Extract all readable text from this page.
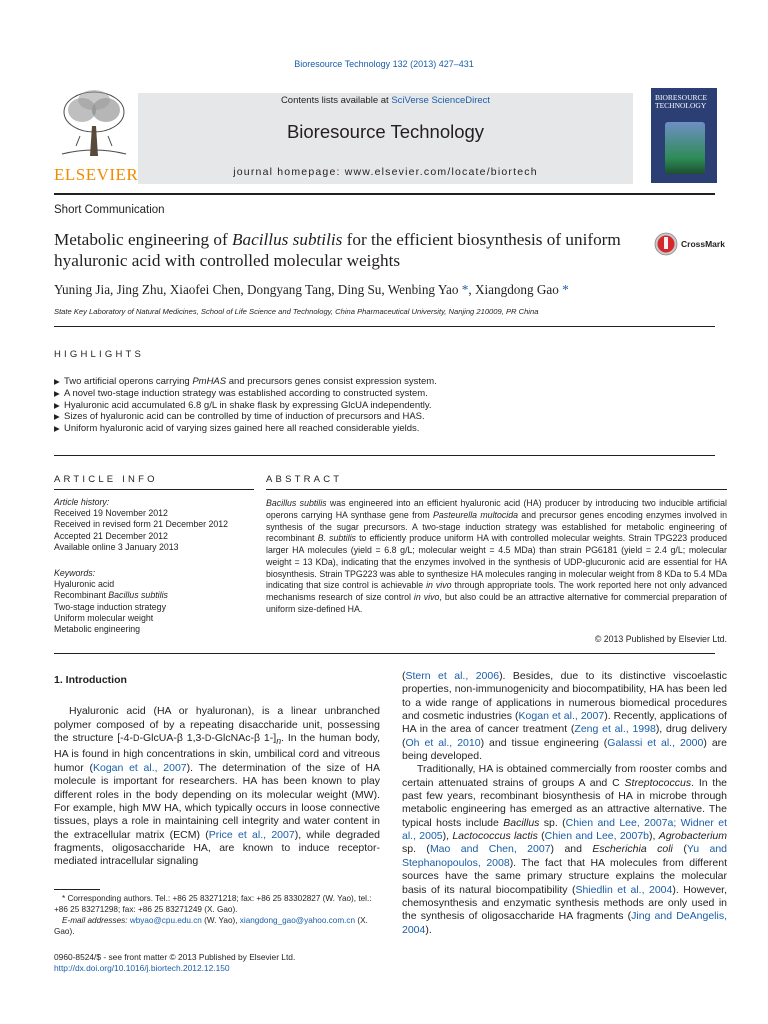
Bioresource Technology 132 (2013) 427–431
ELSEVIER
Contents lists available at SciVerse ScienceDirect
Bioresource Technology
journal homepage: www.elsevier.com/locate/biortech
BIORESOURCE TECHNOLOGY
Short Communication
Metabolic engineering of Bacillus subtilis for the efficient biosynthesis of uniform hyaluronic acid with controlled molecular weights
CrossMark
Yuning Jia, Jing Zhu, Xiaofei Chen, Dongyang Tang, Ding Su, Wenbing Yao *, Xiangdong Gao *
State Key Laboratory of Natural Medicines, School of Life Science and Technology, China Pharmaceutical University, Nanjing 210009, PR China
HIGHLIGHTS
▶ Two artificial operons carrying PmHAS and precursors genes consist expression system.
▶ A novel two-stage induction strategy was established according to constructed system.
▶ Hyaluronic acid accumulated 6.8 g/L in shake flask by expressing GlcUA independently.
▶ Sizes of hyaluronic acid can be controlled by time of induction of precursors and HAS.
▶ Uniform hyaluronic acid of varying sizes gained here all reached considerable yields.
ARTICLE INFO	ABSTRACT
Article history:
Received 19 November 2012
Received in revised form 21 December 2012
Accepted 21 December 2012
Available online 3 January 2013
Keywords:
Hyaluronic acid
Recombinant Bacillus subtilis
Two-stage induction strategy
Uniform molecular weight
Metabolic engineering
Bacillus subtilis was engineered into an efficient hyaluronic acid (HA) producer by introducing two inducible artificial operons carrying HA synthase gene from Pasteurella multocida and precursor genes encoding enzymes involved in synthesis of the sugar precursors. A two-stage induction strategy was established for metabolic engineering of recombinant B. subtilis to efficiently produce uniform HA with controlled molecular weights. Strain TPG223 produced larger HA molecules (yield = 6.8 g/L; molecular weight = 4.5 MDa) than strain PG6181 (yield = 2.4 g/L; molecular weight = 13 KDa), indicating that the enzymes involved in the synthesis of UDP-glucuronic acid are essential for HA biosynthesis. Strain TPG223 was able to synthesize HA molecules ranging in molecular weight from 8 KDa to 5.4 MDa indicating that size control is achievable in vivo through appropriate tools. The work reported here not only advanced mechanisms research of size control in vivo, but also could be an attractive alternative for commercial preparation of uniform size-defined HA.
© 2013 Published by Elsevier Ltd.
1. Introduction

Hyaluronic acid (HA or hyaluronan), is a linear unbranched polymer composed of by a repeating disaccharide unit, possessing the structure [-4-D-GlcUA-β 1,3-D-GlcNAc-β $1-]_n$. In the human body, HA is found in high concentrations in skin, umbilical cord and vitreous humor (Kogan et al., 2007). The determination of the size of HA molecule is important for researchers. HA has been known to play different roles in the body depending on its molecular weight (MW). For example, high MW HA, which typically occurs in loose connective tissues, plays a role in maintaining cell integrity and water content in the extracellular matrix (ECM) (Price et al., 2007), while degraded fragments, oligosaccharide HA, are known to induce receptor-mediated intracellular signaling

(Stern et al., 2006). Besides, due to its distinctive viscoelastic properties, non-immunogenicity and biocompatibility, HA has been led to a wide range of applications in numerous biomedical procedures and cosmetic industries (Kogan et al., 2007). Recently, applications of HA in the area of cancer treatment (Zeng et al., 1998), drug delivery (Oh et al., 2010) and tissue engineering (Galassi et al., 2000) are being developed.

Traditionally, HA is obtained commercially from rooster combs and certain attenuated strains of groups A and C Streptococcus. In the past few years, recombinant biosynthesis of HA in microbe through metabolic engineering has emerged as an attractive alternative. The typical hosts include Bacillus sp. (Chien and Lee, 2007a; Widner et al., 2005), Lactococcus lactis (Chien and Lee, 2007b), Agrobacterium sp. (Mao and Chen, 2007) and Escherichia coli (Yu and Stephanopoulos, 2008). The fact that HA molecules from different sources have the same primary structure explains the molecular basis of its natural biocompatibility (Shiedlin et al., 2004). However, chemosynthesis and enzymatic synthesis methods are only used in the synthesis of oligosaccharide HA fragments (Jing and DeAngelis, 2004).

* Corresponding authors. Tel.: +86 25 83271218; fax: +86 25 83302827 (W. Yao), tel.: +86 25 83271298; fax: +86 25 83271249 (X. Gao).
E-mail addresses: wbyao@cpu.edu.cn (W. Yao), xiangdong_gao@yahoo.com.cn (X. Gao).
0960-8524/$ - see front matter © 2013 Published by Elsevier Ltd.
http://dx.doi.org/10.1016/j.biortech.2012.12.150
